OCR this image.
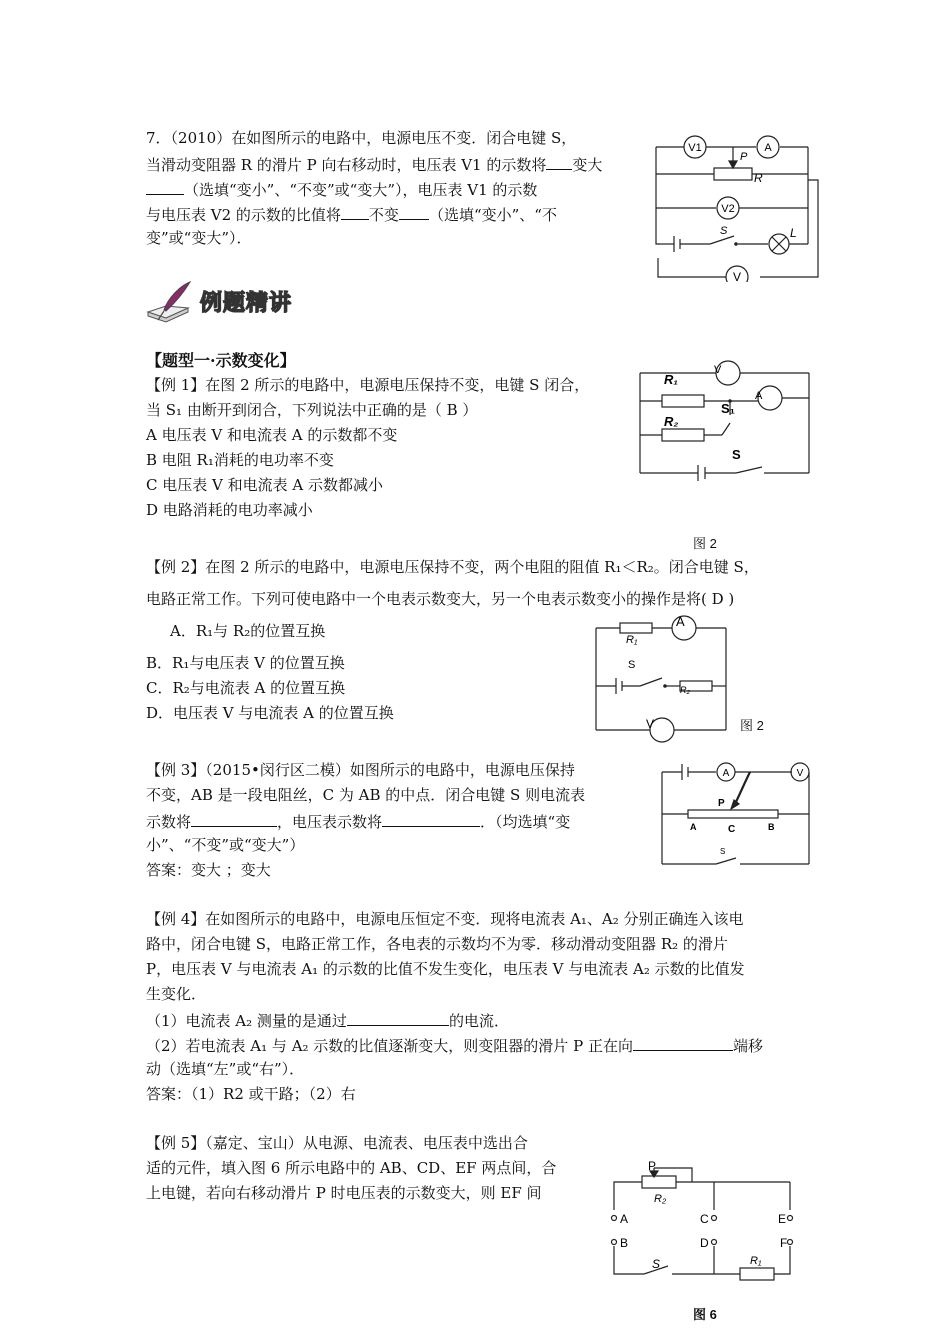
7．（2010）在如图所示的电路中，电源电压不变．闭合电键 S，
当滑动变阻器 R 的滑片 P 向右移动时，电压表 V1 的示数将 变大
（选填“变小”、“不变”或“变大”），电压表 V1 的示数
与电压表 V2 的示数的比值将 不变 （选填“变小”、“不
变”或“变大”）．
V1	A
P
R
V2
S	L
V
例题精讲
【题型一·示数变化】
【例 1】在图 2 所示的电路中，电源电压保持不变，电键 S 闭合，
当 S₁ 由断开到闭合，下列说法中正确的是（ B ）
A 电压表 V 和电流表 A 的示数都不变
B 电阻 R₁消耗的电功率不变
C 电压表 V 和电流表 A 示数都减小
D 电路消耗的电功率减小
R₁
R₂
V
A
S₁
S
图 2
【例 2】在图 2 所示的电路中，电源电压保持不变，两个电阻的阻值 R₁＜R₂。闭合电键 S，
电路正常工作。下列可使电路中一个电表示数变大，另一个电表示数变小的操作是将( D )
A．R₁与 R₂的位置互换
B．R₁与电压表 V 的位置互换
C．R₂与电流表 A 的位置互换
D．电压表 V 与电流表 A 的位置互换
R₁
A
S
R₂
V	图 2
【例 3】（2015•闵行区二模）如图所示的电路中，电源电压保持
不变，AB 是一段电阻丝，C 为 AB 的中点．闭合电键 S 则电流表
示数将	，电压表示数将	．（均选填“变
小”、“不变”或“变大”）
答案：变大 ；变大
A	V
P
A	C	B
S
【例 4】在如图所示的电路中，电源电压恒定不变．现将电流表 A₁、A₂ 分别正确连入该电
路中，闭合电键 S，电路正常工作，各电表的示数均不为零．移动滑动变阻器 R₂ 的滑片
P，电压表 V 与电流表 A₁ 的示数的比值不发生变化，电压表 V 与电流表 A₂ 示数的比值发
生变化．
（1）电流表 A₂ 测量的是通过	的电流．
（2）若电流表 A₁ 与 A₂ 示数的比值逐渐变大，则变阻器的滑片 P 正在向	端移
动（选填“左”或“右”）．
答案：（1）R2 或干路；（2）右
【例 5】（嘉定、宝山）从电源、电流表、电压表中选出合
适的元件，填入图 6 所示电路中的 AB、CD、EF 两点间，合
上电键，若向右移动滑片 P 时电压表的示数变大，则 EF 间
P
R₂
A	C	E
B	D	F
S	R₁
图 6
